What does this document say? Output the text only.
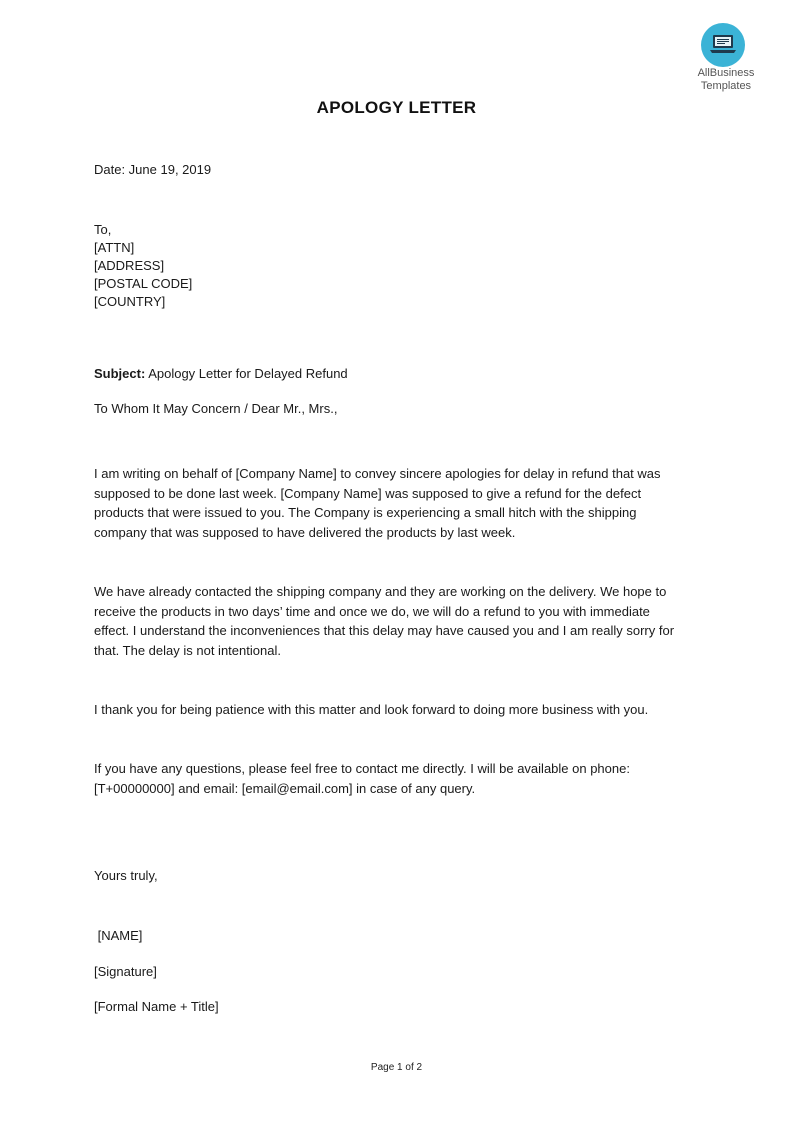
AllBusiness
Templates
APOLOGY LETTER
Date: June 19, 2019
To,
[ATTN]
[ADDRESS]
[POSTAL CODE]
[COUNTRY]
Subject: Apology Letter for Delayed Refund
To Whom It May Concern / Dear Mr., Mrs.,
I am writing on behalf of [Company Name] to convey sincere apologies for delay in refund that was
supposed to be done last week. [Company Name] was supposed to give a refund for the defect
products that were issued to you. The Company is experiencing a small hitch with the shipping
company that was supposed to have delivered the products by last week.
We have already contacted the shipping company and they are working on the delivery. We hope to
receive the products in two days’ time and once we do, we will do a refund to you with immediate
effect. I understand the inconveniences that this delay may have caused you and I am really sorry for
that. The delay is not intentional.
I thank you for being patience with this matter and look forward to doing more business with you.
If you have any questions, please feel free to contact me directly. I will be available on phone:
[T+00000000] and email: [email@email.com] in case of any query.
Yours truly,
[NAME]
[Signature]
[Formal Name + Title]
Page 1 of 2
